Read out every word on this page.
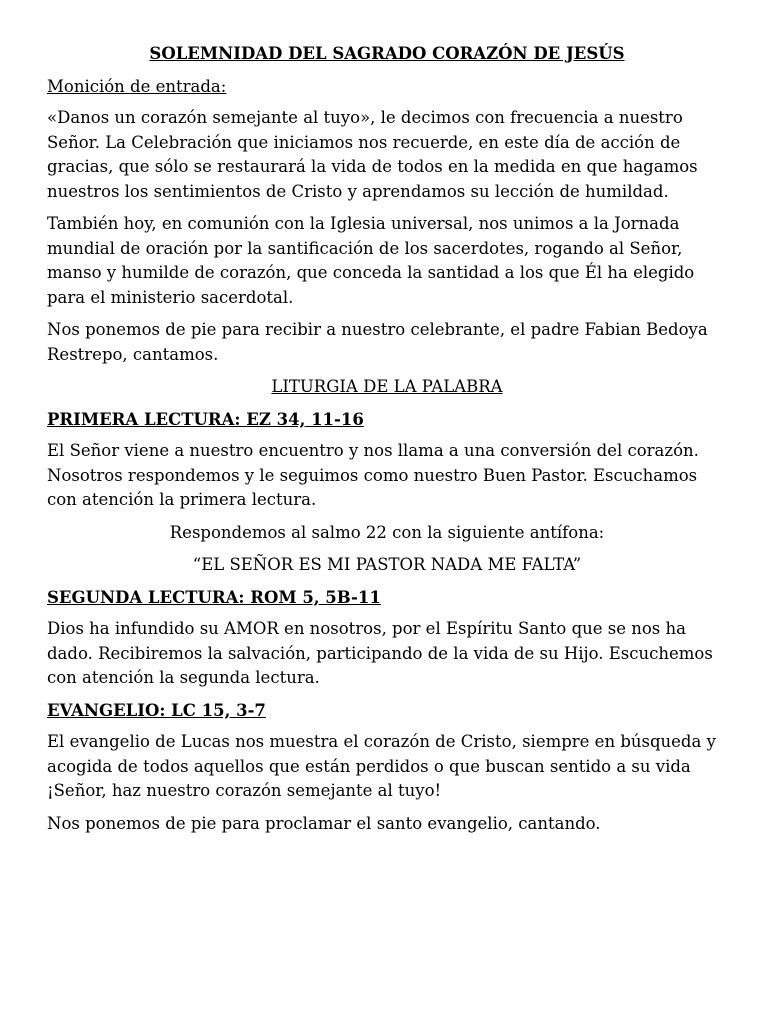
SOLEMNIDAD DEL SAGRADO CORAZÓN DE JESÚS

Monición de entrada:

«Danos un corazón semejante al tuyo», le decimos con frecuencia a nuestro Señor. La Celebración que iniciamos nos recuerde, en este día de acción de gracias, que sólo se restaurará la vida de todos en la medida en que hagamos nuestros los sentimientos de Cristo y aprendamos su lección de humildad.

También hoy, en comunión con la Iglesia universal, nos unimos a la Jornada mundial de oración por la santificación de los sacerdotes, rogando al Señor, manso y humilde de corazón, que conceda la santidad a los que Él ha elegido para el ministerio sacerdotal.

Nos ponemos de pie para recibir a nuestro celebrante, el padre Fabian Bedoya Restrepo, cantamos.

LITURGIA DE LA PALABRA

PRIMERA LECTURA: EZ 34, 11-16

El Señor viene a nuestro encuentro y nos llama a una conversión del corazón. Nosotros respondemos y le seguimos como nuestro Buen Pastor. Escuchamos con atención la primera lectura.

Respondemos al salmo 22 con la siguiente antífona:

“EL SEÑOR ES MI PASTOR NADA ME FALTA”

SEGUNDA LECTURA: ROM 5, 5B-11

Dios ha infundido su AMOR en nosotros, por el Espíritu Santo que se nos ha dado. Recibiremos la salvación, participando de la vida de su Hijo. Escuchemos con atención la segunda lectura.

EVANGELIO: LC 15, 3-7

El evangelio de Lucas nos muestra el corazón de Cristo, siempre en búsqueda y acogida de todos aquellos que están perdidos o que buscan sentido a su vida ¡Señor, haz nuestro corazón semejante al tuyo!

Nos ponemos de pie para proclamar el santo evangelio, cantando.
